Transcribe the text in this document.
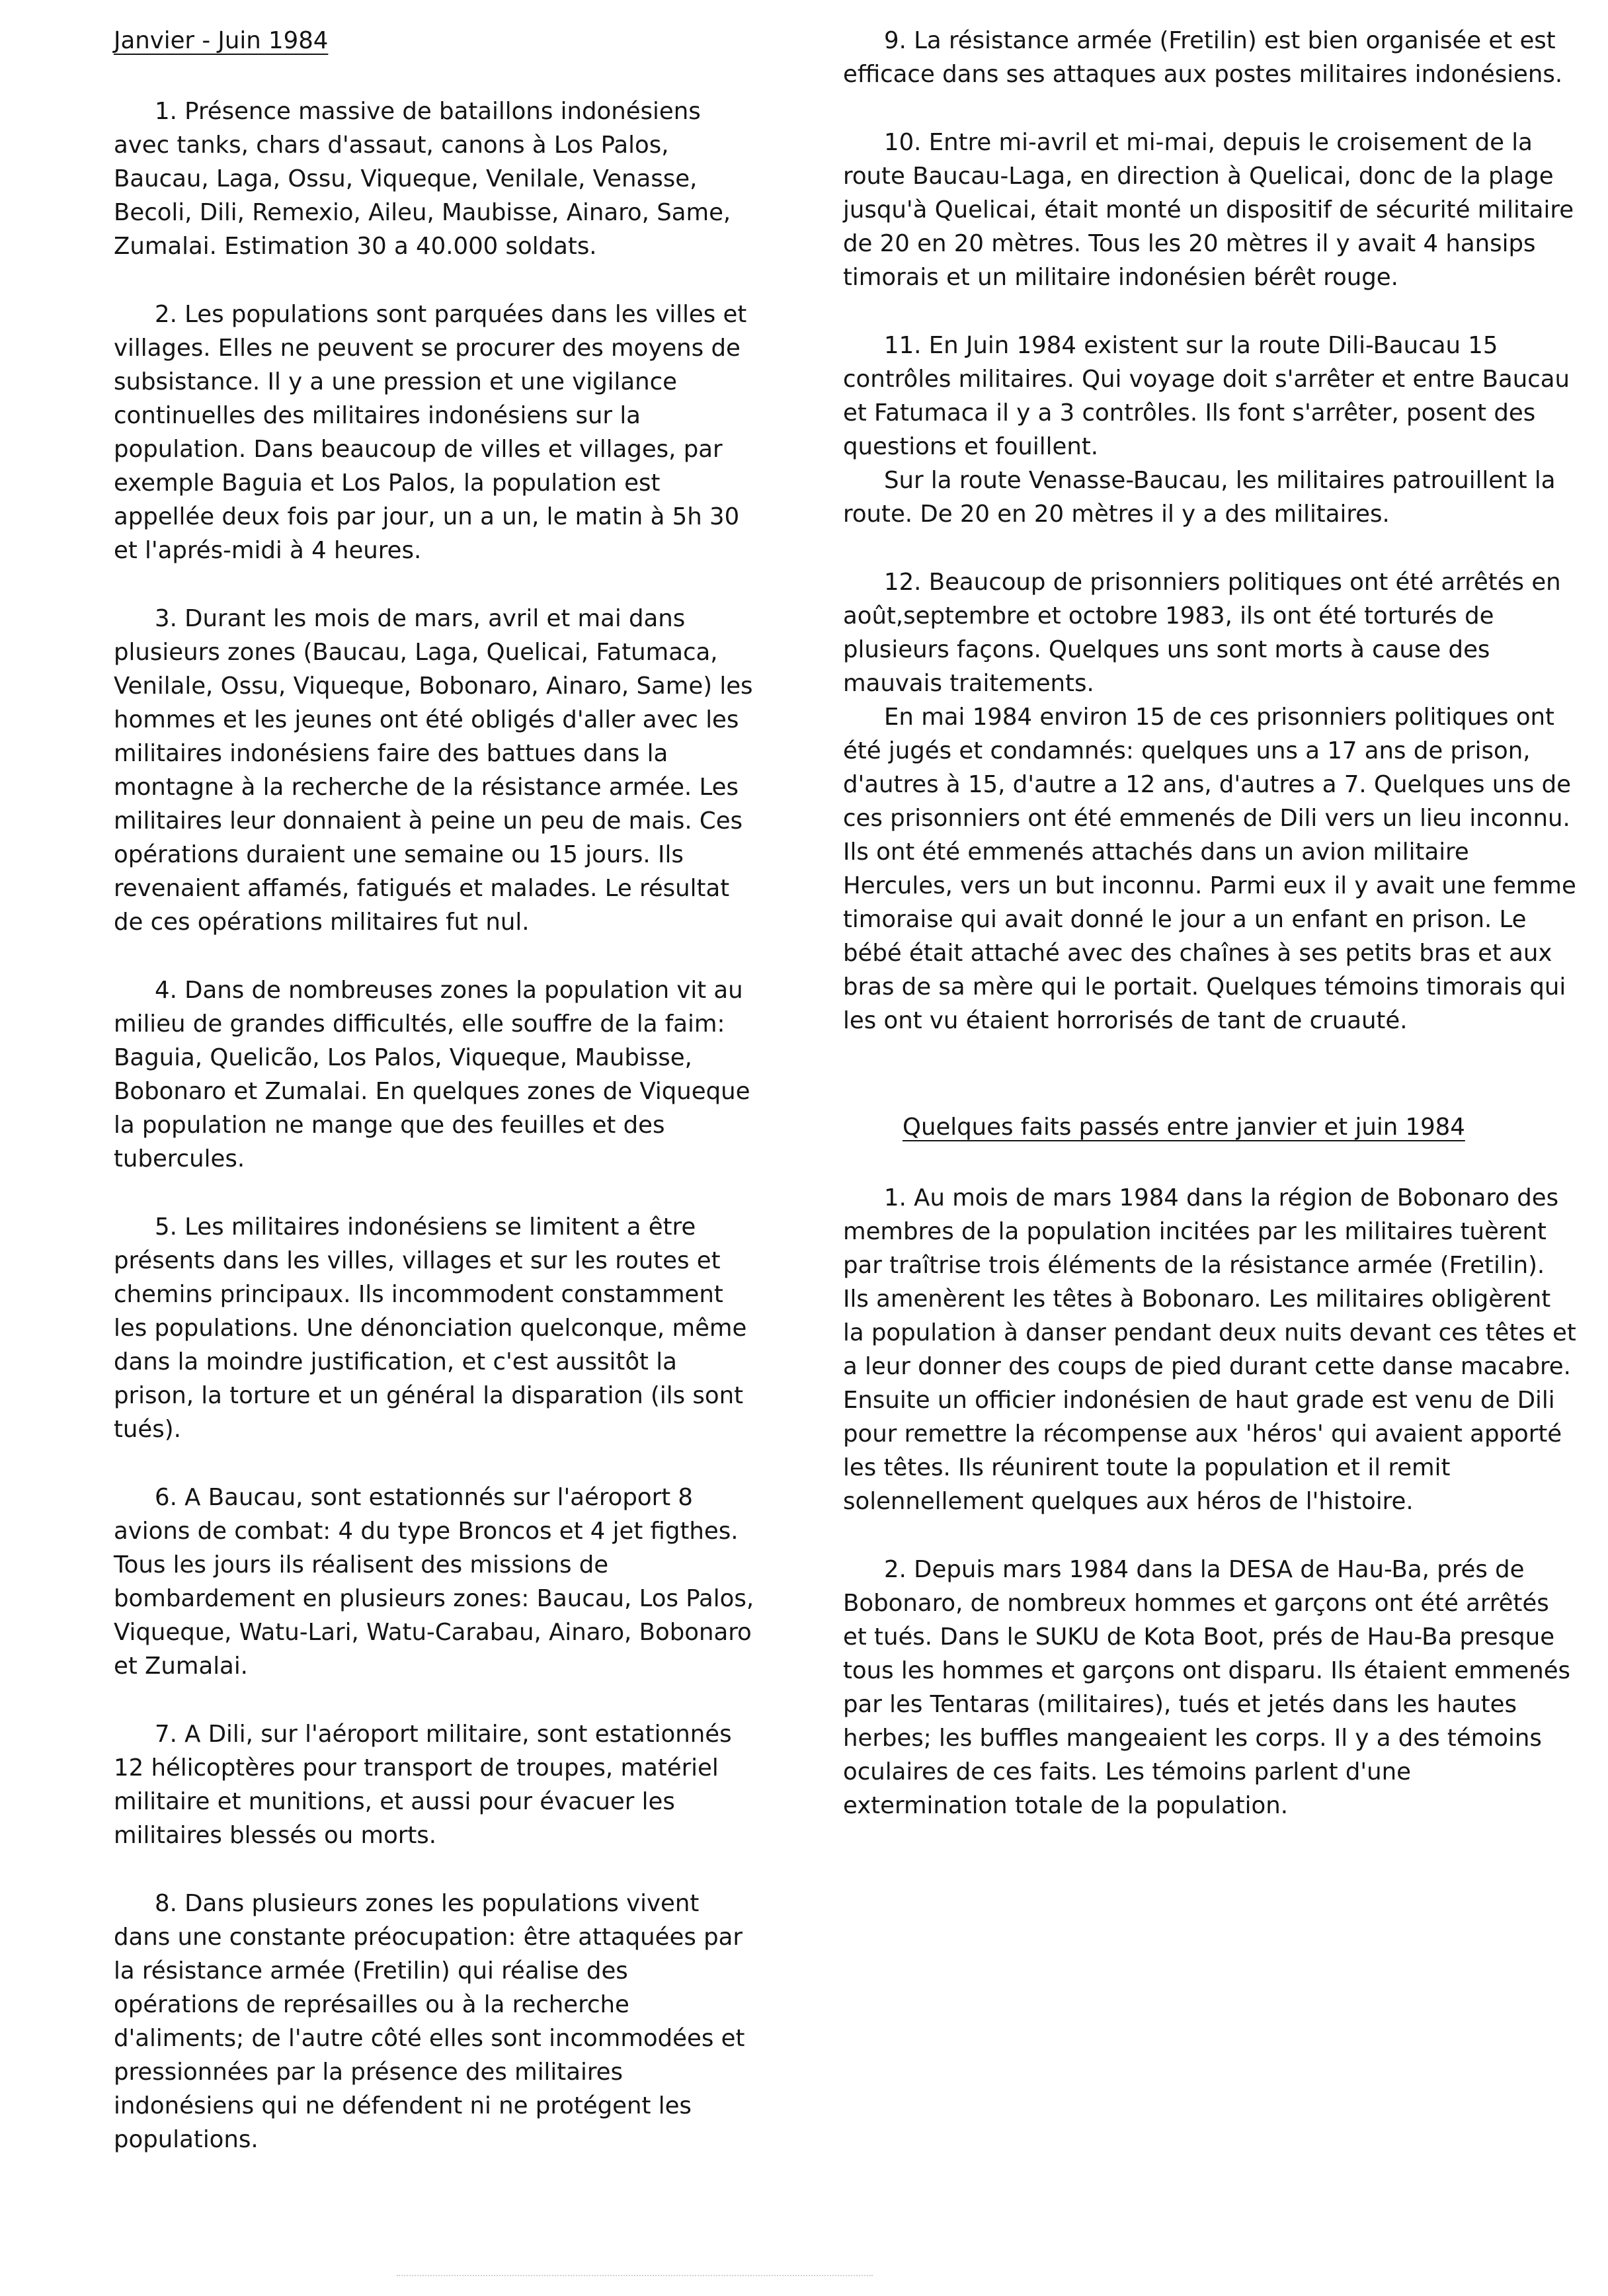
Janvier - Juin 1984

1. Présence massive de bataillons indonésiens avec tanks, chars d'assaut, canons à Los Palos, Baucau, Laga, Ossu, Viqueque, Venilale, Venasse, Becoli, Dili, Remexio, Aileu, Maubisse, Ainaro, Same, Zumalai. Estimation 30 a 40.000 soldats.

2. Les populations sont parquées dans les villes et villages. Elles ne peuvent se procurer des moyens de subsistance. Il y a une pression et une vigilance continuelles des militaires indonésiens sur la population. Dans beaucoup de villes et villages, par exemple Baguia et Los Palos, la population est appellée deux fois par jour, un a un, le matin à 5h 30 et l'aprés-midi à 4 heures.

3. Durant les mois de mars, avril et mai dans plusieurs zones (Baucau, Laga, Quelicai, Fatumaca, Venilale, Ossu, Viqueque, Bobonaro, Ainaro, Same) les hommes et les jeunes ont été obligés d'aller avec les militaires indonésiens faire des battues dans la montagne à la recherche de la résistance armée. Les militaires leur donnaient à peine un peu de mais. Ces opérations duraient une semaine ou 15 jours. Ils revenaient affamés, fatigués et malades. Le résultat de ces opérations militaires fut nul.

4. Dans de nombreuses zones la population vit au milieu de grandes difficultés, elle souffre de la faim: Baguia, Quelicão, Los Palos, Viqueque, Maubisse, Bobonaro et Zumalai. En quelques zones de Viqueque la population ne mange que des feuilles et des tubercules.

5. Les militaires indonésiens se limitent a être présents dans les villes, villages et sur les routes et chemins principaux. Ils incommodent constamment les populations. Une dénonciation quelconque, même dans la moindre justification, et c'est aussitôt la prison, la torture et un général la disparation (ils sont tués).

6. A Baucau, sont estationnés sur l'aéroport 8 avions de combat: 4 du type Broncos et 4 jet figthes. Tous les jours ils réalisent des missions de bombardement en plusieurs zones: Baucau, Los Palos, Viqueque, Watu-Lari, Watu-Carabau, Ainaro, Bobonaro et Zumalai.

7. A Dili, sur l'aéroport militaire, sont estationnés 12 hélicoptères pour transport de troupes, matériel militaire et munitions, et aussi pour évacuer les militaires blessés ou morts.

8. Dans plusieurs zones les populations vivent dans une constante préocupation: être attaquées par la résistance armée (Fretilin) qui réalise des opérations de représailles ou à la recherche d'aliments; de l'autre côté elles sont incommodées et pressionnées par la présence des militaires indonésiens qui ne défendent ni ne protégent les populations.

9. La résistance armée (Fretilin) est bien organisée et est efficace dans ses attaques aux postes militaires indonésiens.

10. Entre mi-avril et mi-mai, depuis le croisement de la route Baucau-Laga, en direction à Quelicai, donc de la plage jusqu'à Quelicai, était monté un dispositif de sécurité militaire de 20 en 20 mètres. Tous les 20 mètres il y avait 4 hansips timorais et un militaire indonésien bérêt rouge.

11. En Juin 1984 existent sur la route Dili-Baucau 15 contrôles militaires. Qui voyage doit s'arrêter et entre Baucau et Fatumaca il y a 3 contrôles. Ils font s'arrêter, posent des questions et fouillent.

Sur la route Venasse-Baucau, les militaires patrouillent la route. De 20 en 20 mètres il y a des militaires.

12. Beaucoup de prisonniers politiques ont été arrêtés en août,septembre et octobre 1983, ils ont été torturés de plusieurs façons. Quelques uns sont morts à cause des mauvais traitements.

En mai 1984 environ 15 de ces prisonniers politiques ont été jugés et condamnés: quelques uns a 17 ans de prison, d'autres à 15, d'autre a 12 ans, d'autres a 7. Quelques uns de ces prisonniers ont été emmenés de Dili vers un lieu inconnu. Ils ont été emmenés attachés dans un avion militaire Hercules, vers un but inconnu. Parmi eux il y avait une femme timoraise qui avait donné le jour a un enfant en prison. Le bébé était attaché avec des chaînes à ses petits bras et aux bras de sa mère qui le portait. Quelques témoins timorais qui les ont vu étaient horrorisés de tant de cruauté.

Quelques faits passés entre janvier et juin 1984

1. Au mois de mars 1984 dans la région de Bobonaro des membres de la population incitées par les militaires tuèrent par traîtrise trois éléments de la résistance armée (Fretilin). Ils amenèrent les têtes à Bobonaro. Les militaires obligèrent la population à danser pendant deux nuits devant ces têtes et a leur donner des coups de pied durant cette danse macabre. Ensuite un officier indonésien de haut grade est venu de Dili pour remettre la récompense aux 'héros' qui avaient apporté les têtes. Ils réunirent toute la population et il remit solennellement quelques aux héros de l'histoire.

2. Depuis mars 1984 dans la DESA de Hau-Ba, prés de Bobonaro, de nombreux hommes et garçons ont été arrêtés et tués. Dans le SUKU de Kota Boot, prés de Hau-Ba presque tous les hommes et garçons ont disparu. Ils étaient emmenés par les Tentaras (militaires), tués et jetés dans les hautes herbes; les buffles mangeaient les corps. Il y a des témoins oculaires de ces faits. Les témoins parlent d'une extermination totale de la population.
